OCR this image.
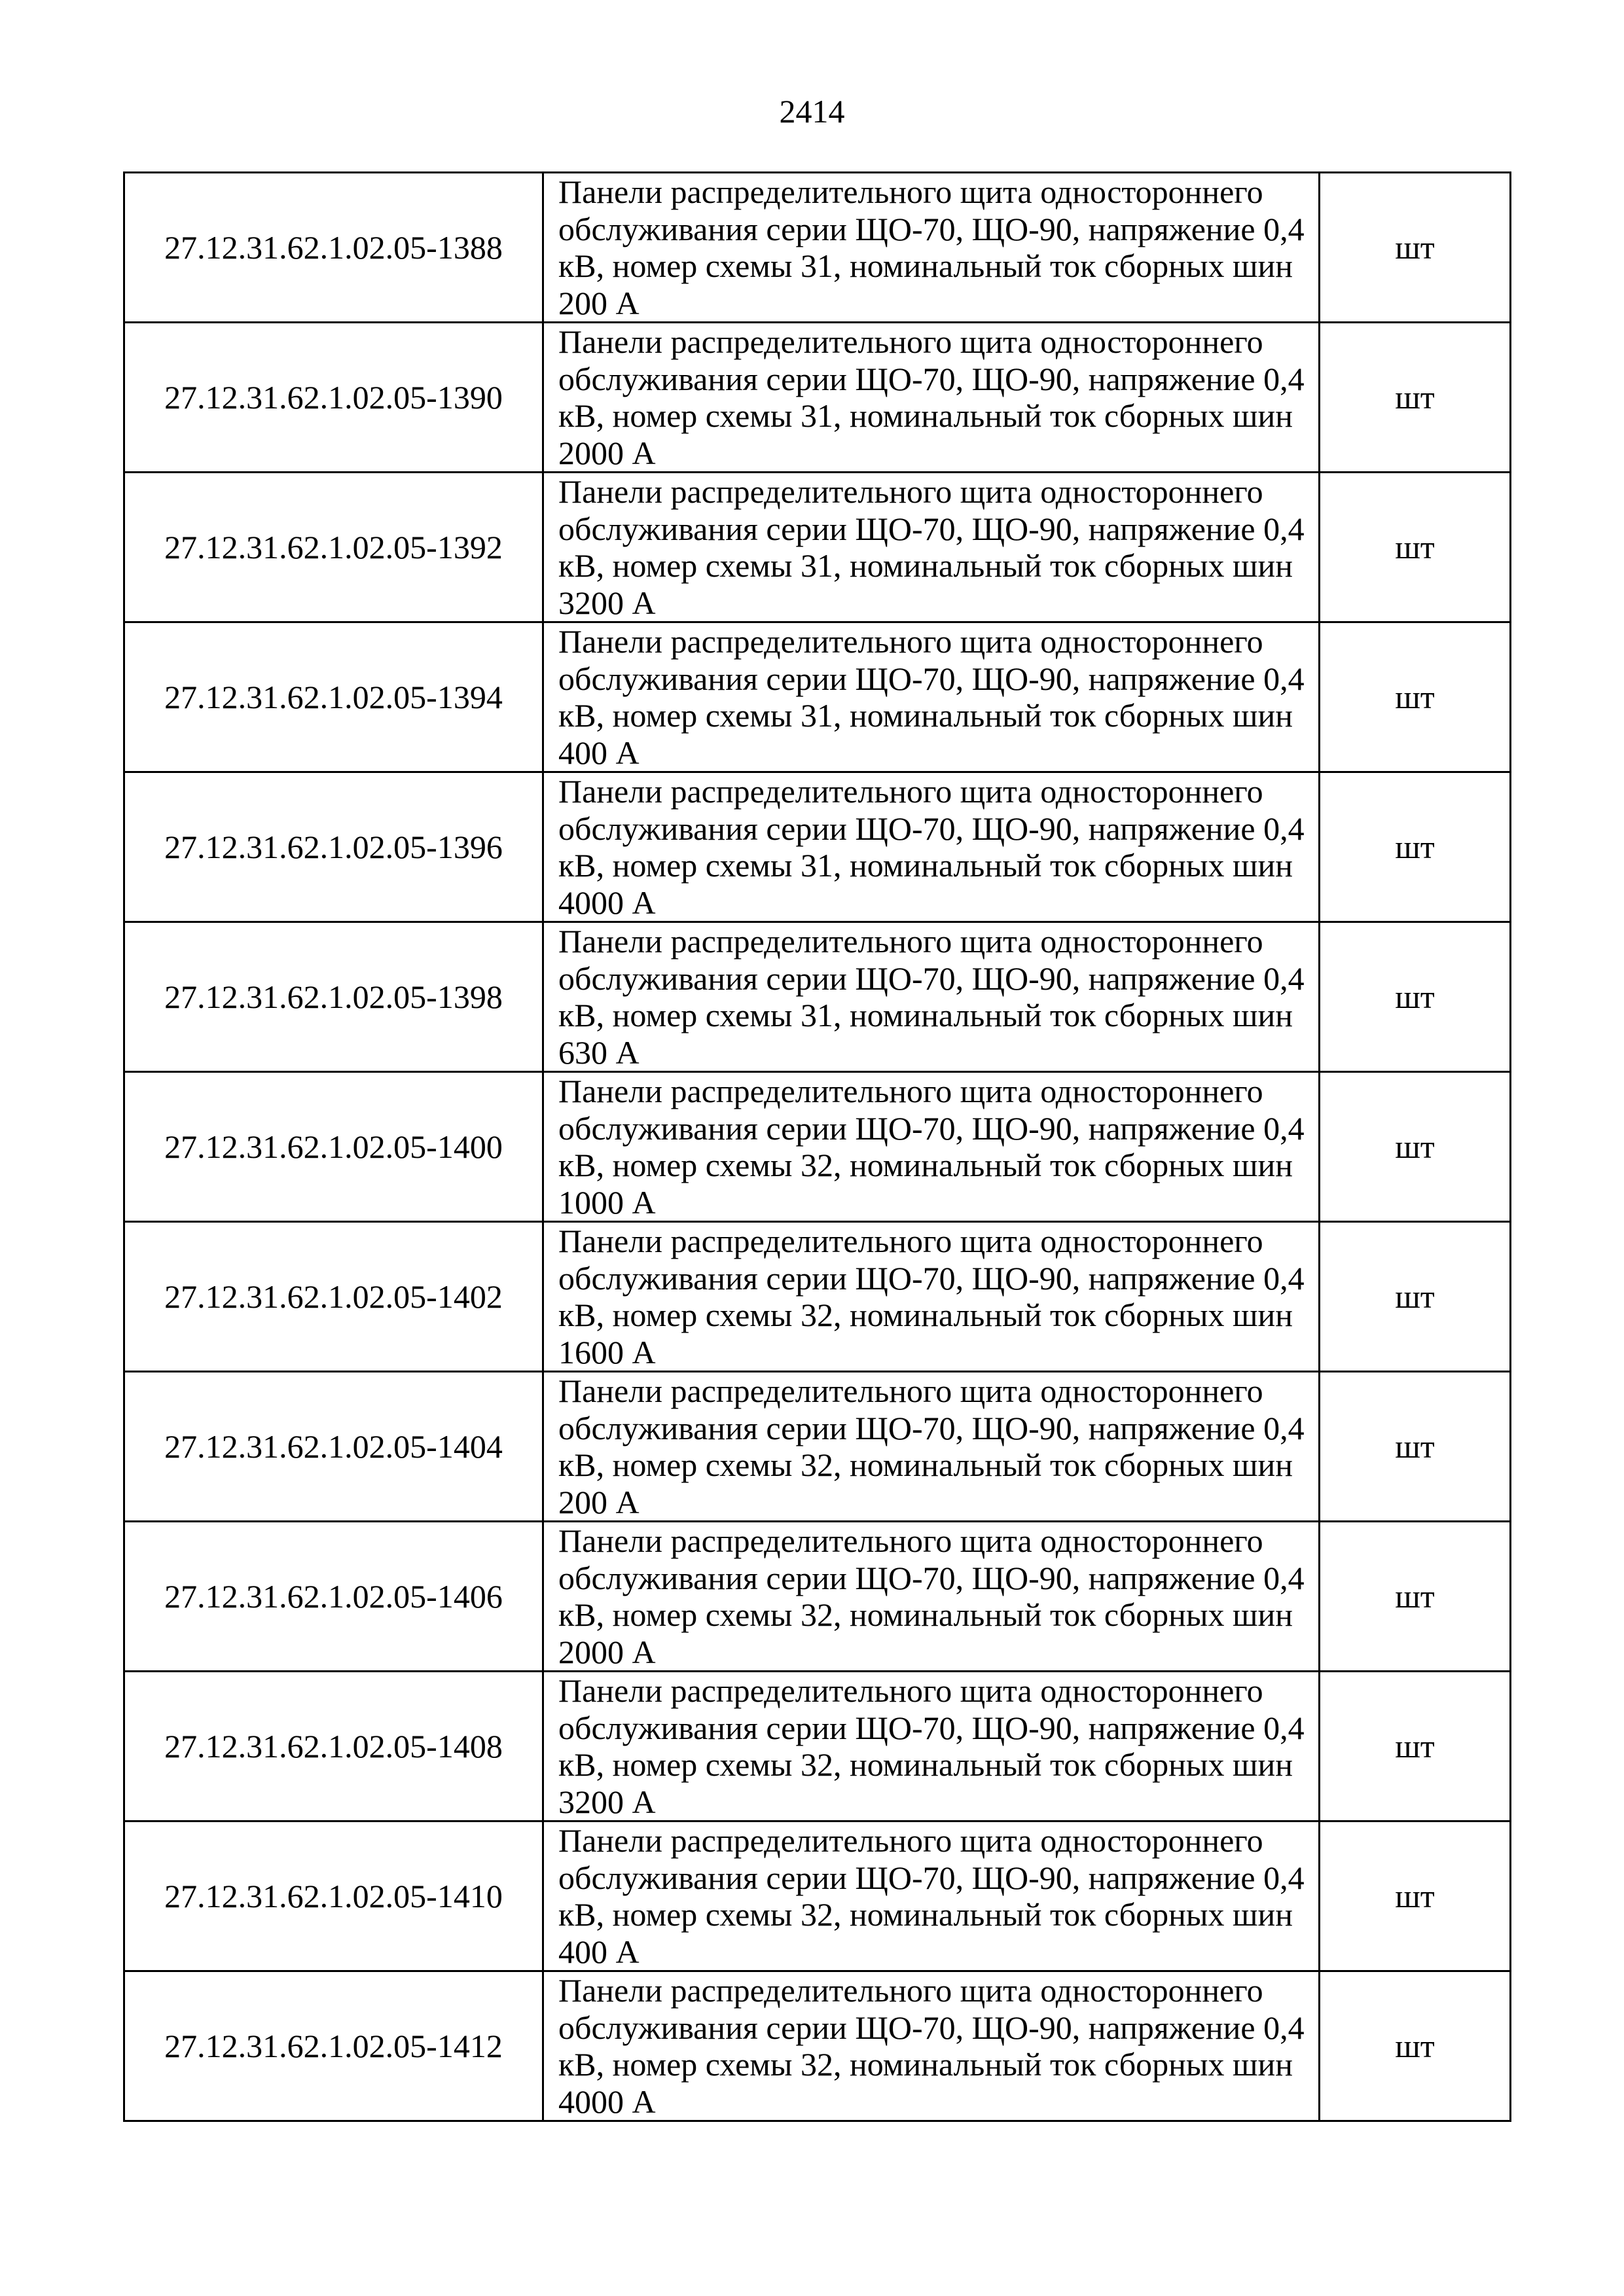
2414
27.12.31.62.1.02.05-1388	Панели распределительного щита одностороннего обслуживания серии ЩО-70, ЩО-90, напряжение 0,4 кВ, номер схемы 31, номинальный ток сборных шин 200 А	шт
27.12.31.62.1.02.05-1390	Панели распределительного щита одностороннего обслуживания серии ЩО-70, ЩО-90, напряжение 0,4 кВ, номер схемы 31, номинальный ток сборных шин 2000 А	шт
27.12.31.62.1.02.05-1392	Панели распределительного щита одностороннего обслуживания серии ЩО-70, ЩО-90, напряжение 0,4 кВ, номер схемы 31, номинальный ток сборных шин 3200 А	шт
27.12.31.62.1.02.05-1394	Панели распределительного щита одностороннего обслуживания серии ЩО-70, ЩО-90, напряжение 0,4 кВ, номер схемы 31, номинальный ток сборных шин 400 А	шт
27.12.31.62.1.02.05-1396	Панели распределительного щита одностороннего обслуживания серии ЩО-70, ЩО-90, напряжение 0,4 кВ, номер схемы 31, номинальный ток сборных шин 4000 А	шт
27.12.31.62.1.02.05-1398	Панели распределительного щита одностороннего обслуживания серии ЩО-70, ЩО-90, напряжение 0,4 кВ, номер схемы 31, номинальный ток сборных шин 630 А	шт
27.12.31.62.1.02.05-1400	Панели распределительного щита одностороннего обслуживания серии ЩО-70, ЩО-90, напряжение 0,4 кВ, номер схемы 32, номинальный ток сборных шин 1000 А	шт
27.12.31.62.1.02.05-1402	Панели распределительного щита одностороннего обслуживания серии ЩО-70, ЩО-90, напряжение 0,4 кВ, номер схемы 32, номинальный ток сборных шин 1600 А	шт
27.12.31.62.1.02.05-1404	Панели распределительного щита одностороннего обслуживания серии ЩО-70, ЩО-90, напряжение 0,4 кВ, номер схемы 32, номинальный ток сборных шин 200 А	шт
27.12.31.62.1.02.05-1406	Панели распределительного щита одностороннего обслуживания серии ЩО-70, ЩО-90, напряжение 0,4 кВ, номер схемы 32, номинальный ток сборных шин 2000 А	шт
27.12.31.62.1.02.05-1408	Панели распределительного щита одностороннего обслуживания серии ЩО-70, ЩО-90, напряжение 0,4 кВ, номер схемы 32, номинальный ток сборных шин 3200 А	шт
27.12.31.62.1.02.05-1410	Панели распределительного щита одностороннего обслуживания серии ЩО-70, ЩО-90, напряжение 0,4 кВ, номер схемы 32, номинальный ток сборных шин 400 А	шт
27.12.31.62.1.02.05-1412	Панели распределительного щита одностороннего обслуживания серии ЩО-70, ЩО-90, напряжение 0,4 кВ, номер схемы 32, номинальный ток сборных шин 4000 А	шт
